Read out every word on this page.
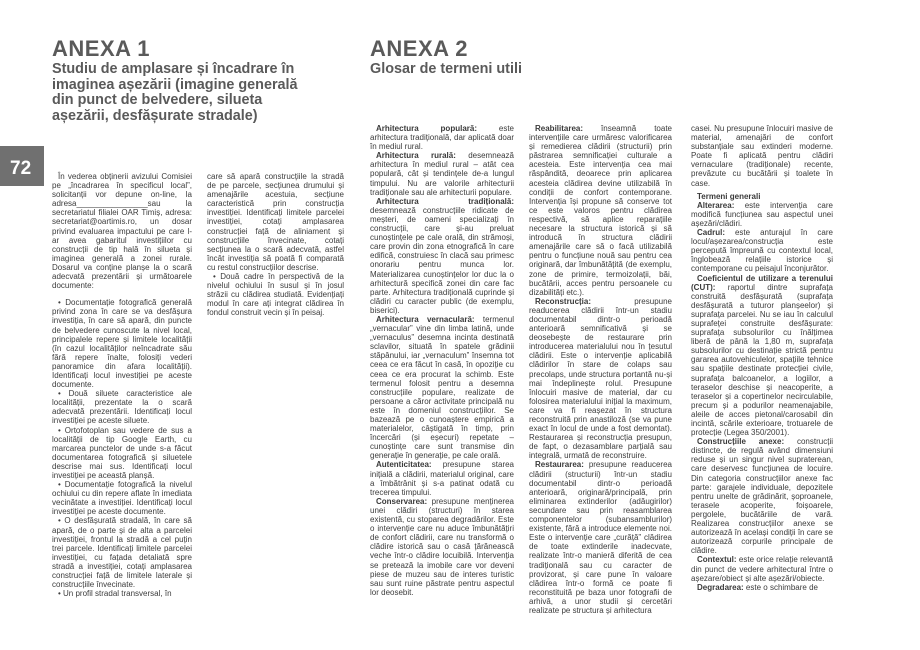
ANEXA 1
Studiu de amplasare și încadrare în
imaginea așezării (imagine generală
din punct de belvedere, silueta
așezării, desfășurate stradale)
ANEXA 2
Glosar de termeni utili
72	În vederea obținerii avizului Comisiei pe „încadrarea în specificul local”, solicitanții vor depune on-line, la adresa________________sau la secretariatul filialei OAR Timiș, adresa: secretariat@oartimis.ro, un dosar privind evaluarea impactului pe care l-ar avea gabaritul investițiilor cu construcții de tip hală în silueta și imaginea generală a zonei rurale. Dosarul va conține planșe la o scară adecvată prezentării și următoarele documente:

• Documentație fotografică generală privind zona în care se va desfășura investiția, în care să apară, din puncte de belvedere cunoscute la nivel local, principalele repere și limitele localității (în cazul localităților neîncadrate său fără repere înalte, folosiți vederi panoramice din afara localității). Identificați locul investiției pe aceste documente.

• Două siluete caracteristice ale localității, prezentate la o scară adecvată prezentării. Identificați locul investiției pe aceste siluete.

• Ortofotoplan sau vedere de sus a localității de tip Google Earth, cu marcarea punctelor de unde s-a făcut documentarea fotografică și siluetele descrise mai sus. Identificați locul investiției pe această planșă.

• Documentație fotografică la nivelul ochiului cu din repere aflate în imediata vecinătate a investiției. Identificați locul investiției pe aceste documente.

• O desfășurată stradală, în care să apară, de o parte și de alta a parcelei investiției, frontul la stradă a cel puțin trei parcele. Identificați limitele parcelei investiției, cu fațada detaliată spre stradă a investiției, cotați amplasarea construcției față de limitele laterale și construcțiile învecinate.

• Un profil stradal transversal, în

care să apară construcțiile la stradă de pe parcele, secțiunea drumului și amenajările acestuia, secțiune caracteristică prin construcția investiției. Identificați limitele parcelei investiției, cotați amplasarea construcției față de aliniament și construcțiile învecinate, cotați secțiunea la o scară adecvată, astfel încât investiția să poată fi comparată cu restul construcțiilor descrise.

• Două cadre în perspectivă de la nivelul ochiului în susul și în josul străzii cu clădirea studiată. Evidențiați modul în care ați integrat clădirea în fondul construit vecin și în peisaj.

Arhitectura populară:	este arhitectura tradițională, dar aplicată doar în mediul rural.

Arhitectura rurală: desemnează arhitectura în mediul rural – atât cea populară, cât și tendințele de-a lungul timpului. Nu are valorile arhitecturii tradiționale sau ale arhitecturii populare.

Arhitectura tradițională: desemnează construcțiile ridicate de meșteri, de oameni specializați în construcții, care și-au preluat cunoștințele pe cale orală, din strămoși, care provin din zona etnografică în care edifică, construiesc în clacă sau primesc onorariu pentru munca lor. Materializarea cunoștințelor lor duc la o arhitectură specifică zonei din care fac parte. Arhitectura tradițională cuprinde și clădiri cu caracter public (de exemplu, biserici).

Arhitectura vernaculară: termenul „vernacular” vine din limba latină, unde „vernaculus” desemna incinta destinată sclavilor, situată în spatele grădinii stăpânului, iar „vernaculum” însemna tot ceea ce era făcut în casă, în opoziție cu ceea ce era procurat la schimb. Este termenul folosit pentru a desemna construcțiile populare, realizate de persoane a căror activitate principală nu este în domeniul construcțiilor. Se bazează pe o cunoaștere empirică a materialelor, câștigată în timp, prin încercări (și eșecuri) repetate – cunoștințe care sunt transmise din generație în generație, pe cale orală.

Autenticitatea: presupune starea inițială a clădirii, materialul original, care a îmbătrânit și s-a patinat odată cu trecerea timpului.

Conservarea: presupune menținerea unei clădiri (structuri) în starea existentă, cu stoparea degradărilor. Este o intervenție care nu aduce îmbunătățiri de confort clădirii, care nu transformă o clădire istorică sau o casă țărănească veche într-o clădire locuibilă. Intervenția se pretează la imobile care vor deveni piese de muzeu sau de interes turistic sau sunt ruine păstrate pentru aspectul lor deosebit.

Reabilitarea: înseamnă toate intervențiile care urmăresc valorificarea și remedierea clădirii (structurii) prin păstrarea semnificației culturale a acesteia. Este intervenția cea mai răspândită, deoarece prin aplicarea acesteia clădirea devine utilizabilă în condiții de confort contemporane. Intervenția își propune să conserve tot ce este valoros pentru clădirea respectivă, să aplice reparațiile necesare la structura istorică și să introducă în structura clădirii amenajările care să o facă utilizabilă pentru o funcțiune nouă sau pentru cea originară, dar îmbunătățită (de exemplu, zone de primire, termoizolații, băi, bucătării, acces pentru persoanele cu dizabilități etc.).

Reconstrucția:	presupune readucerea clădirii într-un stadiu documentabil dintr-o perioadă anterioară semnificativă și se deosebește de restaurare prin introducerea materialului nou în țesutul clădirii. Este o intervenție aplicabilă clădirilor în stare de colaps sau precolaps, unde structura portantă nu-și mai îndeplinește rolul. Presupune înlocuiri masive de material, dar cu folosirea materialului inițial la maximum, care va fi reașezat în structura reconstruită prin anastiloză (se va pune exact în locul de unde a fost demontat). Restaurarea și reconstrucția presupun, de fapt, o dezasamblare parțială sau integrală, urmată de reconstruire.

Restaurarea: presupune readucerea clădirii (structurii) într-un stadiu documentabil dintr-o perioadă anterioară, originară/principală, prin eliminarea extinderilor (adăugirilor) secundare sau prin reasamblarea componentelor (subansamblurilor) existente, fără a introduce elemente noi. Este o intervenție care „curăță” clădirea de toate extinderile inadecvate, realizate într-o manieră diferită de cea tradițională sau cu caracter de provizorat, și care pune în valoare clădirea într-o formă ce poate fi reconstituită pe baza unor fotografii de arhivă, a unor studii și cercetări realizate pe structura și arhitectura

casei. Nu presupune înlocuiri masive de material, amenajări de confort substanțiale sau extinderi moderne. Poate fi aplicată pentru clădiri vernaculare (tradiționale) recente, prevăzute cu bucătării și toalete în case.

Termeni generali

Alterarea: este intervenția care modifică funcțiunea sau aspectul unei așezări/clădiri.

Cadrul: este anturajul în care locul/așezarea/construcția este percepută împreună cu contextul local, înglobează relațiile istorice și contemporane cu peisajul înconjurător.

Coeficientul de utilizare a terenului (CUT): raportul dintre suprafața construită desfășurată (suprafața desfășurată a tuturor planșeelor) și suprafața parcelei. Nu se iau în calculul suprafeței construite desfășurate: suprafața subsolurilor cu înălțimea liberă de până la 1,80 m, suprafața subsolurilor cu destinație strictă pentru gararea autovehiculelor, spațiile tehnice sau spațiile destinate protecției civile, suprafața balcoanelor, a logiilor, a teraselor deschise și neacoperite, a teraselor și a copertinelor necirculabile, precum și a podurilor neamenajabile, aleile de acces pietonal/carosabil din incintă, scările exterioare, trotuarele de protecție (Legea 350/2001).

Construcțiile anexe: construcții distincte, de regulă având dimensiuni reduse și un singur nivel supraterean, care deservesc funcțiunea de locuire. Din categoria construcțiilor anexe fac parte: garajele individuale, depozitele pentru unelte de grădinărit, șoproanele, terasele acoperite, foișoarele, pergolele, bucătăriile de vară. Realizarea construcțiilor anexe se autorizează în același condiții în care se autorizează corpurile principale de clădire.

Contextul: este orice relație relevantă din punct de vedere arhitectural între o așezare/obiect și alte așezări/obiecte.

Degradarea: este o schimbare de
